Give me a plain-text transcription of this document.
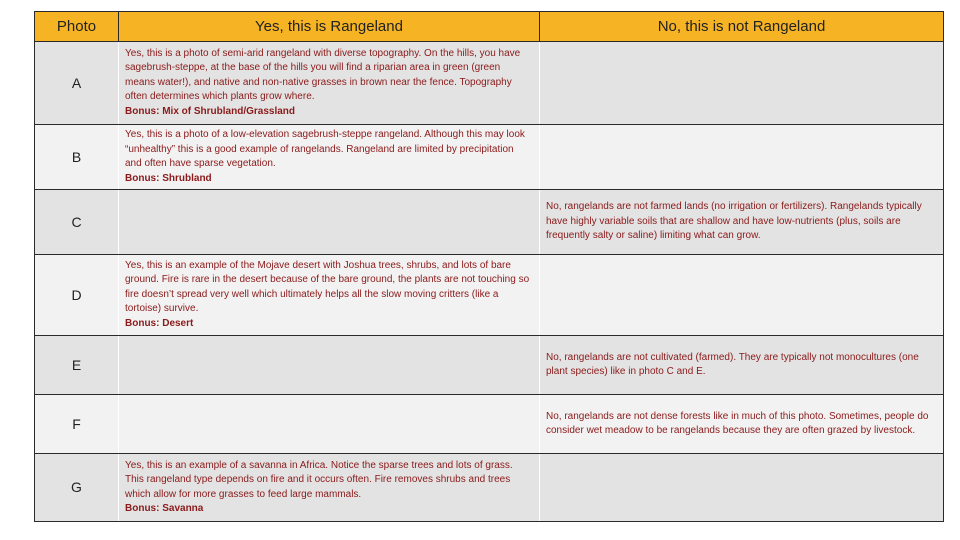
Photo	Yes, this is Rangeland	No, this is not Rangeland
A	Yes, this is a photo of semi-arid rangeland with diverse topography. On the hills, you have sagebrush-steppe, at the base of the hills you will find a riparian area in green (green means water!), and native and non-native grasses in brown near the fence. Topography often determines which plants grow where.
Bonus: Mix of Shrubland/Grassland	

B	Yes, this is a photo of a low-elevation sagebrush-steppe rangeland. Although this may look “unhealthy” this is a good example of rangelands. Rangeland are limited by precipitation and often have sparse vegetation.
Bonus: Shrubland	

C		No, rangelands are not farmed lands (no irrigation or fertilizers). Rangelands typically have highly variable soils that are shallow and have low-nutrients (plus, soils are frequently salty or saline) limiting what can grow.
D	Yes, this is an example of the Mojave desert with Joshua trees, shrubs, and lots of bare ground. Fire is rare in the desert because of the bare ground, the plants are not touching so fire doesn’t spread very well which ultimately helps all the slow moving critters (like a tortoise) survive.
Bonus: Desert	

E		No, rangelands are not cultivated (farmed). They are typically not monocultures (one plant species) like in photo C and E.
F		No, rangelands are not dense forests like in much of this photo. Sometimes, people do consider wet meadow to be rangelands because they are often grazed by livestock.
G	Yes, this is an example of a savanna in Africa. Notice the sparse trees and lots of grass. This rangeland type depends on fire and it occurs often. Fire removes shrubs and trees which allow for more grasses to feed large mammals.
Bonus: Savanna	
